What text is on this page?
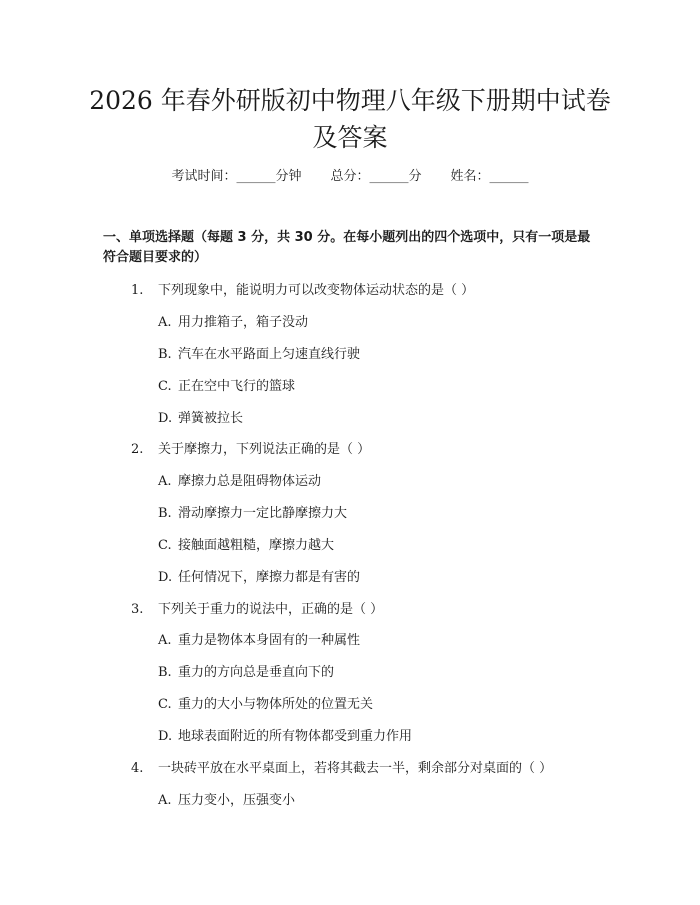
2026 年春外研版初中物理八年级下册期中试卷及答案
考试时间：______分钟 总分：______分 姓名：______
一、单项选择题（每题 3 分，共 30 分。在每小题列出的四个选项中，只有一项是最符合题目要求的）
1. 下列现象中，能说明力可以改变物体运动状态的是（ ）
A. 用力推箱子，箱子没动
B. 汽车在水平路面上匀速直线行驶
C. 正在空中飞行的篮球
D. 弹簧被拉长
2. 关于摩擦力，下列说法正确的是（ ）
A. 摩擦力总是阻碍物体运动
B. 滑动摩擦力一定比静摩擦力大
C. 接触面越粗糙，摩擦力越大
D. 任何情况下，摩擦力都是有害的
3. 下列关于重力的说法中，正确的是（ ）
A. 重力是物体本身固有的一种属性
B. 重力的方向总是垂直向下的
C. 重力的大小与物体所处的位置无关
D. 地球表面附近的所有物体都受到重力作用
4. 一块砖平放在水平桌面上，若将其截去一半，剩余部分对桌面的（ ）
A. 压力变小，压强变小
